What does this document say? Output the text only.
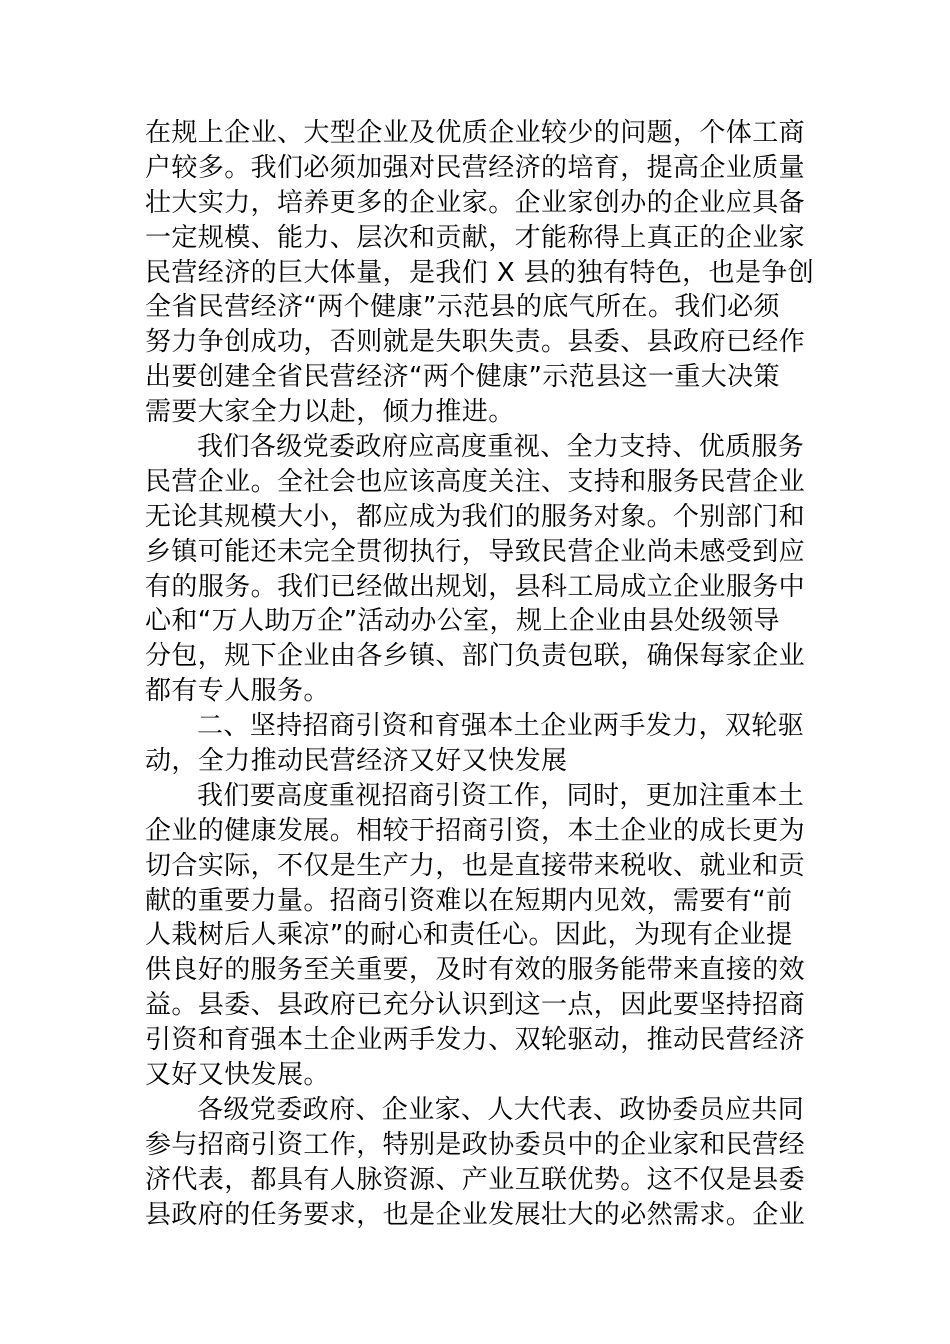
在规上企业、大型企业及优质企业较少的问题，个体工商
户较多。我们必须加强对民营经济的培育，提高企业质量
壮大实力，培养更多的企业家。企业家创办的企业应具备
一定规模、能力、层次和贡献，才能称得上真正的企业家
民营经济的巨大体量，是我们 X 县的独有特色，也是争创
全省民营经济“两个健康”示范县的底气所在。我们必须
努力争创成功，否则就是失职失责。县委、县政府已经作
出要创建全省民营经济“两个健康”示范县这一重大决策
需要大家全力以赴，倾力推进。
我们各级党委政府应高度重视、全力支持、优质服务
民营企业。全社会也应该高度关注、支持和服务民营企业
无论其规模大小，都应成为我们的服务对象。个别部门和
乡镇可能还未完全贯彻执行，导致民营企业尚未感受到应
有的服务。我们已经做出规划，县科工局成立企业服务中
心和“万人助万企”活动办公室，规上企业由县处级领导
分包，规下企业由各乡镇、部门负责包联，确保每家企业
都有专人服务。
二、坚持招商引资和育强本土企业两手发力，双轮驱
动，全力推动民营经济又好又快发展
我们要高度重视招商引资工作，同时，更加注重本土
企业的健康发展。相较于招商引资，本土企业的成长更为
切合实际，不仅是生产力，也是直接带来税收、就业和贡
献的重要力量。招商引资难以在短期内见效，需要有“前
人栽树后人乘凉”的耐心和责任心。因此，为现有企业提
供良好的服务至关重要，及时有效的服务能带来直接的效
益。县委、县政府已充分认识到这一点，因此要坚持招商
引资和育强本土企业两手发力、双轮驱动，推动民营经济
又好又快发展。
各级党委政府、企业家、人大代表、政协委员应共同
参与招商引资工作，特别是政协委员中的企业家和民营经
济代表，都具有人脉资源、产业互联优势。这不仅是县委
县政府的任务要求，也是企业发展壮大的必然需求。企业
